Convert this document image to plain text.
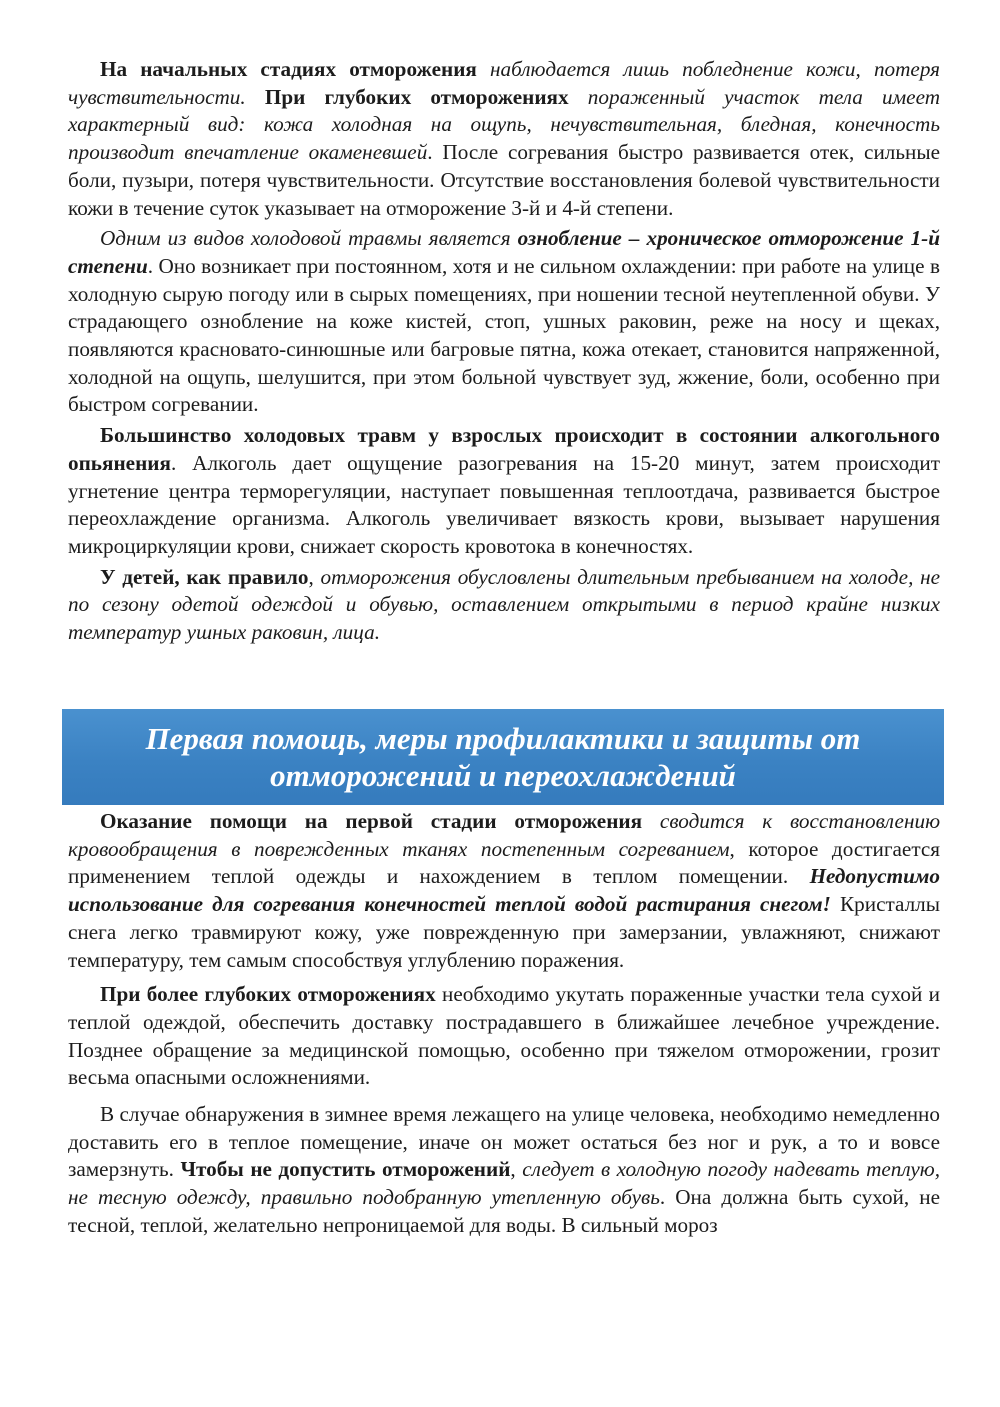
На начальных стадиях отморожения наблюдается лишь побледнение кожи, потеря чувствительности. При глубоких отморожениях пораженный участок тела имеет характерный вид: кожа холодная на ощупь, нечувствительная, бледная, конечность производит впечатление окаменевшей. После согревания быстро развивается отек, сильные боли, пузыри, потеря чувствительности. Отсутствие восстановления болевой чувствительности кожи в течение суток указывает на отморожение 3-й и 4-й степени.

Одним из видов холодовой травмы является ознобление – хроническое отморожение 1-й степени. Оно возникает при постоянном, хотя и не сильном охлаждении: при работе на улице в холодную сырую погоду или в сырых помещениях, при ношении тесной неутепленной обуви. У страдающего ознобление на коже кистей, стоп, ушных раковин, реже на носу и щеках, появляются красновато-синюшные или багровые пятна, кожа отекает, становится напряженной, холодной на ощупь, шелушится, при этом больной чувствует зуд, жжение, боли, особенно при быстром согревании.

Большинство холодовых травм у взрослых происходит в состоянии алкогольного опьянения. Алкоголь дает ощущение разогревания на 15-20 минут, затем происходит угнетение центра терморегуляции, наступает повышенная теплоотдача, развивается быстрое переохлаждение организма. Алкоголь увеличивает вязкость крови, вызывает нарушения микроциркуляции крови, снижает скорость кровотока в конечностях.

У детей, как правило, отморожения обусловлены длительным пребыванием на холоде, не по сезону одетой одеждой и обувью, оставлением открытыми в период крайне низких температур ушных раковин, лица.

Первая помощь, меры профилактики и защиты от
отморожений и переохлаждений

Оказание помощи на первой стадии отморожения сводится к восстановлению кровообращения в поврежденных тканях постепенным согреванием, которое достигается применением теплой одежды и нахождением в теплом помещении. Недопустимо использование для согревания конечностей теплой водой растирания снегом! Кристаллы снега легко травмируют кожу, уже поврежденную при замерзании, увлажняют, снижают температуру, тем самым способствуя углублению поражения.

При более глубоких отморожениях необходимо укутать пораженные участки тела сухой и теплой одеждой, обеспечить доставку пострадавшего в ближайшее лечебное учреждение. Позднее обращение за медицинской помощью, особенно при тяжелом отморожении, грозит весьма опасными осложнениями.

В случае обнаружения в зимнее время лежащего на улице человека, необходимо немедленно доставить его в теплое помещение, иначе он может остаться без ног и рук, а то и вовсе замерзнуть. Чтобы не допустить отморожений, следует в холодную погоду надевать теплую, не тесную одежду, правильно подобранную утепленную обувь. Она должна быть сухой, не тесной, теплой, желательно непроницаемой для воды. В сильный мороз
